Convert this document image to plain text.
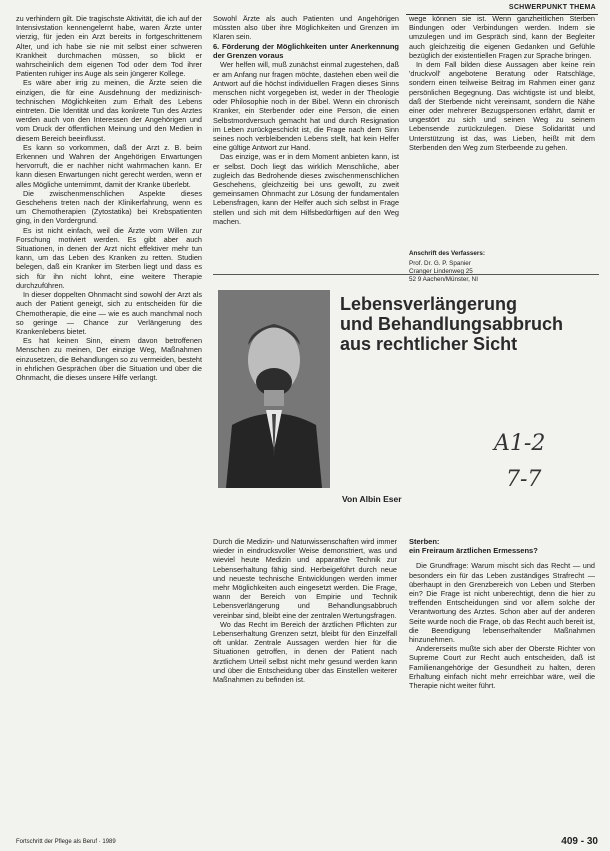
SCHWERPUNKT THEMA

zu verhindern gilt. Die tragischste Aktivität, die ich auf der Intensivstation kennengelernt habe, waren Ärzte unter vierzig, für jeden ein Arzt bereits in fortgeschrittenem Alter, und ich habe sie nie mit selbst einer schweren Krankheit durchmachen müssen, so blickt er wahrscheinlich dem eigenen Tod oder dem Tod ihrer Patienten ruhiger ins Auge als sein jüngerer Kollege.

Es wäre aber irrig zu meinen, die Ärzte seien die einzigen, die für eine Ausdehnung der medizinisch-technischen Möglichkeiten zum Erhalt des Lebens eintreten. Die Identität und das konkrete Tun des Arztes werden auch von den Interessen der Angehörigen und vom Druck der öffentlichen Meinung und den Medien in diesem Bereich beeinflusst.

Es kann so vorkommen, daß der Arzt z. B. beim Erkennen und Wahren der Angehörigen Erwartungen hervorruft, die er nachher nicht wahrmachen kann. Er kann diesen Erwartungen nicht gerecht werden, wenn er alles Mögliche unternimmt, damit der Kranke überlebt.

Die zwischenmenschlichen Aspekte dieses Geschehens treten nach der Klinikerfahrung, wenn es um Chemotherapien (Zytostatika) bei Krebspatienten ging, in den Vordergrund.

Es ist nicht einfach, weil die Ärzte vom Willen zur Forschung motiviert werden. Es gibt aber auch Situationen, in denen der Arzt nicht effektiver mehr tun kann, um das Leben des Kranken zu retten. Studien belegen, daß ein Kranker im Sterben liegt und dass es sich für ihn nicht lohnt, eine weitere Therapie durchzuführen.

In dieser doppelten Ohnmacht sind sowohl der Arzt als auch der Patient geneigt, sich zu entscheiden für die Chemotherapie, die eine — wie es auch manchmal noch so geringe — Chance zur Verlängerung des Krankenlebens bietet.

Es hat keinen Sinn, einem davon betroffenen Menschen zu meinen, Der einzige Weg, Maßnahmen einzusetzen, die Behandlungen so zu vermeiden, besteht in ehrlichen Gesprächen über die Situation und über die Ohnmacht, die dieses unsere Hilfe verlangt.

Sowohl Ärzte als auch Patienten und Angehörigen müssten also über ihre Möglichkeiten und Grenzen im Klaren sein.

6. Förderung der Möglichkeiten unter Anerkennung der Grenzen voraus

Wer helfen will, muß zunächst einmal zugestehen, daß er am Anfang nur fragen möchte, dastehen eben weil die Antwort auf die höchst individuellen Fragen dieses Sinns menschen nicht vorgegeben ist, weder in der Theologie oder Philosophie noch in der Bibel. Wenn ein chronisch Kranker, ein Sterbender oder eine Person, die einen Selbstmordversuch gemacht hat und durch Resignation im Leben zurückgeschickt ist, die Frage nach dem Sinn seines noch verbleibenden Lebens stellt, hat kein Helfer eine gültige Antwort zur Hand.

Das einzige, was er in dem Moment anbieten kann, ist er selbst. Doch liegt das wirklich Menschliche, aber zugleich das Bedrohende dieses zwischenmenschlichen Geschehens, gleichzeitig bei uns gewollt, zu zweit gemeinsamen Ohnmacht zur Lösung der fundamentalen Lebensfragen, kann der Helfer auch sich selbst in Frage stellen und sich mit dem Hilfsbedürftigen auf den Weg machen.

wege können sie ist. Wenn ganzheitlichen Sterben Bindungen oder Verbindungen werden. Indem sie umzulegen und im Gespräch sind, kann der Begleiter auch gleichzeitig die eigenen Gedanken und Gefühle bezüglich der existentiellen Fragen zur Sprache bringen.

In dem Fall bilden diese Aussagen aber keine rein 'druckvoll' angebotene Beratung oder Ratschläge, sondern einen teilweise Beitrag im Rahmen einer ganz persönlichen Begegnung. Das wichtigste ist und bleibt, daß der Sterbende nicht vereinsamt, sondern die Nähe einer oder mehrerer Bezugspersonen erfährt, damit er ungestört zu sich und seinen Weg zu seinem Lebensende zurückzulegen. Diese Solidarität und Unterstützung ist das, was Lieben, heißt mit dem Sterbenden den Weg zum Sterbeende zu gehen.

Anschrift des Verfassers:
Prof. Dr. G. P. Spanier
Cranger Lindenweg 25
52 9 Aachen/Münster, NI
Lebensverlängerung
und Behandlungsabbruch
aus rechtlicher Sicht
A1-2
7-7
Von Albin Eser

Durch die Medizin- und Naturwissenschaften wird immer wieder in eindrucksvoller Weise demonstriert, was und wieviel heute Medizin und apparative Technik zur Lebenserhaltung fähig sind. Herbeigeführt durch neue und neueste technische Entwicklungen werden immer mehr Möglichkeiten auch eingesetzt werden. Die Frage, wann der Bereich von Empirie und Technik Lebensverlängerung und Behandlungsabbruch vereinbar sind, bleibt eine der zentralen Wertungsfragen.

Wo das Recht im Bereich der ärztlichen Pflichten zur Lebenserhaltung Grenzen setzt, bleibt für den Einzelfall oft unklar. Zentrale Aussagen werden hier für die Situationen getroffen, in denen der Patient nach ärztlichem Urteil selbst nicht mehr gesund werden kann und über die Entscheidung über das Einstellen weiterer Maßnahmen zu befinden ist.

Sterben:
ein Freiraum ärztlichen Ermessens?

Die Grundfrage: Warum mischt sich das Recht — und besonders ein für das Leben zuständiges Strafrecht — überhaupt in den Grenzbereich von Leben und Sterben ein? Die Frage ist nicht unberechtigt, denn die hier zu treffenden Entscheidungen sind vor allem solche der Verantwortung des Arztes. Schon aber auf der anderen Seite wurde noch die Frage, ob das Recht auch bereit ist, die Beendigung lebenserhaltender Maßnahmen hinzunehmen.

Andererseits mußte sich aber der Oberste Richter von Supreme Court zur Recht auch entscheiden, daß ist Familienangehörige der Gesundheit zu halten, deren Erhaltung einfach nicht mehr erreichbar wäre, weil die Therapie nicht weiter führt.

Fortschritt der Pflege als Beruf · 1989	409 - 30
